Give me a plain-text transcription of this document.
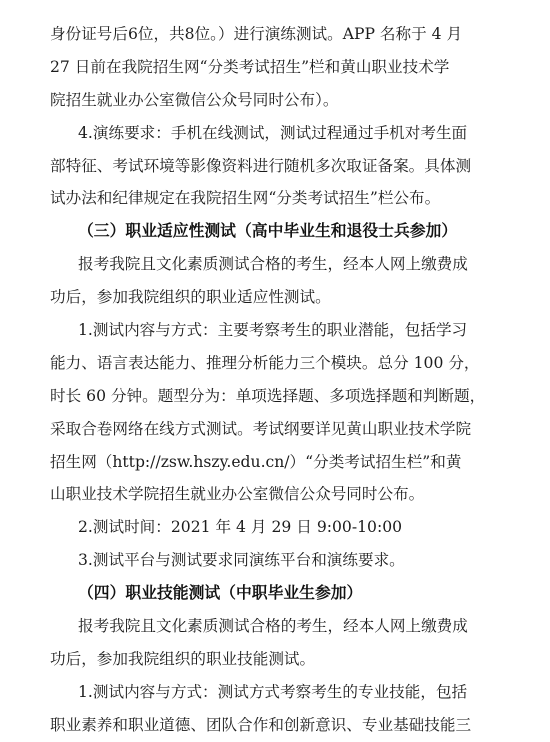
身份证号后6位，共8位。）进行演练测试。APP 名称于 4 月
27 日前在我院招生网“分类考试招生”栏和黄山职业技术学
院招生就业办公室微信公众号同时公布）。
4.演练要求：手机在线测试，测试过程通过手机对考生面
部特征、考试环境等影像资料进行随机多次取证备案。具体测
试办法和纪律规定在我院招生网“分类考试招生”栏公布。
（三）职业适应性测试（高中毕业生和退役士兵参加）
报考我院且文化素质测试合格的考生，经本人网上缴费成
功后，参加我院组织的职业适应性测试。
1.测试内容与方式：主要考察考生的职业潜能，包括学习
能力、语言表达能力、推理分析能力三个模块。总分 100 分，
时长 60 分钟。题型分为：单项选择题、多项选择题和判断题，
采取合卷网络在线方式测试。考试纲要详见黄山职业技术学院
招生网（http://zsw.hszy.edu.cn/）“分类考试招生栏”和黄
山职业技术学院招生就业办公室微信公众号同时公布。
2.测试时间：2021 年 4 月 29 日 9:00-10:00
3.测试平台与测试要求同演练平台和演练要求。
（四）职业技能测试（中职毕业生参加）
报考我院且文化素质测试合格的考生，经本人网上缴费成
功后，参加我院组织的职业技能测试。
1.测试内容与方式：测试方式考察考生的专业技能，包括
职业素养和职业道德、团队合作和创新意识、专业基础技能三
